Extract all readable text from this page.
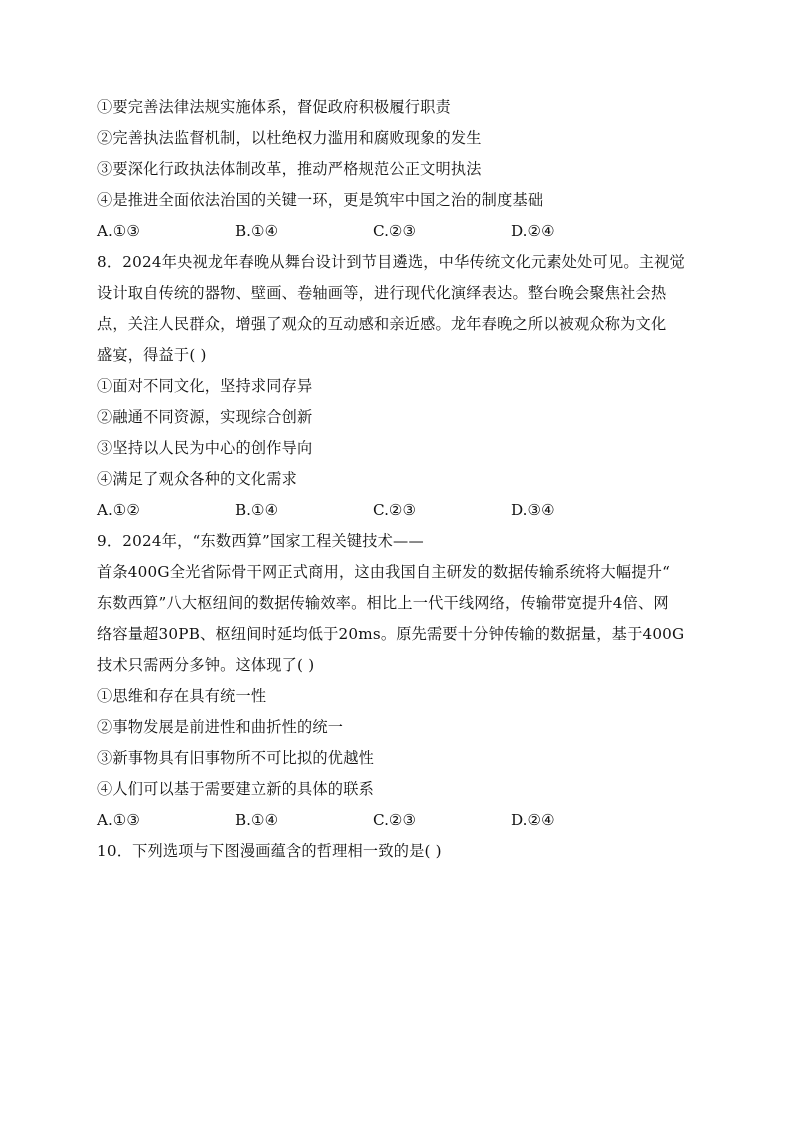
①要完善法律法规实施体系，督促政府积极履行职责
②完善执法监督机制，以杜绝权力滥用和腐败现象的发生
③要深化行政执法体制改革，推动严格规范公正文明执法
④是推进全面依法治国的关键一环，更是筑牢中国之治的制度基础
A.①③	B.①④	C.②③	D.②④
8．2024年央视龙年春晚从舞台设计到节目遴选，中华传统文化元素处处可见。主视觉
设计取自传统的器物、壁画、卷轴画等，进行现代化演绎表达。整台晚会聚焦社会热
点，关注人民群众，增强了观众的互动感和亲近感。龙年春晚之所以被观众称为文化
盛宴，得益于( )
①面对不同文化，坚持求同存异
②融通不同资源，实现综合创新
③坚持以人民为中心的创作导向
④满足了观众各种的文化需求
A.①②	B.①④	C.②③	D.③④
9．2024年，“东数西算”国家工程关键技术——
首条400G全光省际骨干网正式商用，这由我国自主研发的数据传输系统将大幅提升“
东数西算”八大枢纽间的数据传输效率。相比上一代干线网络，传输带宽提升4倍、网
络容量超30PB、枢纽间时延均低于20ms。原先需要十分钟传输的数据量，基于400G
技术只需两分多钟。这体现了( )
①思维和存在具有统一性
②事物发展是前进性和曲折性的统一
③新事物具有旧事物所不可比拟的优越性
④人们可以基于需要建立新的具体的联系
A.①③	B.①④	C.②③	D.②④
10．下列选项与下图漫画蕴含的哲理相一致的是( )
